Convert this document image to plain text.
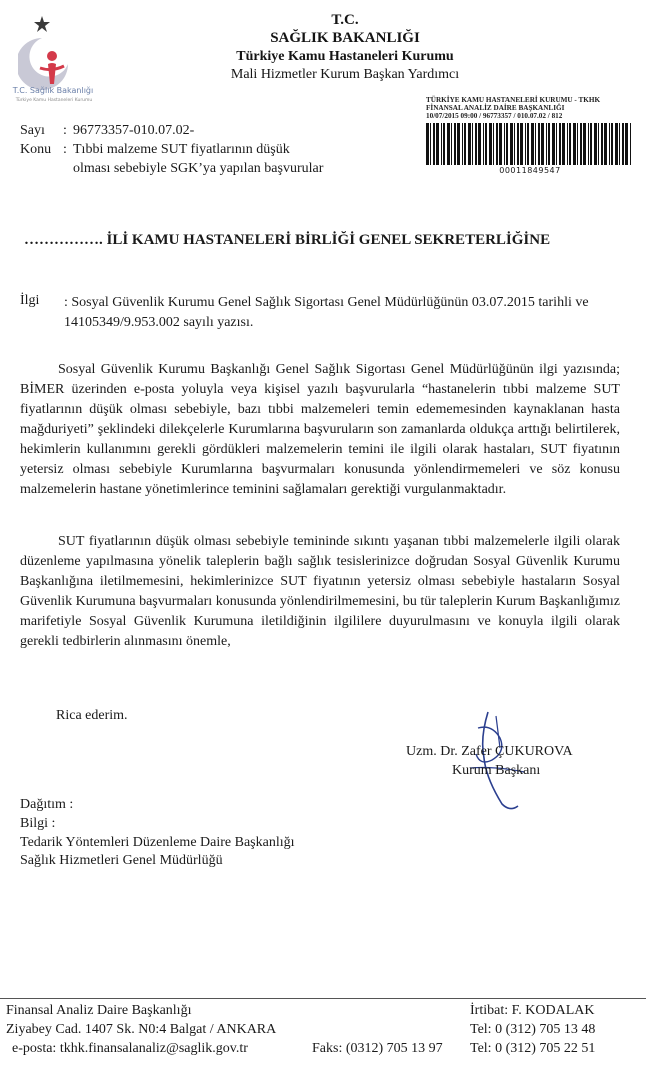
T.C. Sağlık Bakanlığı
Türkiye Kamu Hastaneleri Kurumu
T.C.
SAĞLIK BAKANLIĞI
Türkiye Kamu Hastaneleri Kurumu
Mali Hizmetler Kurum Başkan Yardımcı
Sayı : 96773357-010.07.02-
Konu : Tıbbi malzeme SUT fiyatlarının düşük
olması sebebiyle SGK’ya yapılan başvurular
TÜRKİYE KAMU HASTANELERİ KURUMU - TKHK
FİNANSAL ANALİZ DAİRE BAŞKANLIĞI
10/07/2015 09:00 / 96773357 / 010.07.02 / 812
00011849547
……………. İLİ KAMU HASTANELERİ BİRLİĞİ GENEL SEKRETERLİĞİNE
İlgi : Sosyal Güvenlik Kurumu Genel Sağlık Sigortası Genel Müdürlüğünün 03.07.2015 tarihli ve 14105349/9.953.002 sayılı yazısı.

Sosyal Güvenlik Kurumu Başkanlığı Genel Sağlık Sigortası Genel Müdürlüğünün ilgi yazısında; BİMER üzerinden e-posta yoluyla veya kişisel yazılı başvurularla “hastanelerin tıbbi malzeme SUT fiyatlarının düşük olması sebebiyle, bazı tıbbi malzemeleri temin edememesinden kaynaklanan hasta mağduriyeti” şeklindeki dilekçelerle Kurumlarına başvuruların son zamanlarda oldukça arttığı belirtilerek, hekimlerin kullanımını gerekli gördükleri malzemelerin temini ile ilgili olarak hastaları, SUT fiyatının yetersiz olması sebebiyle Kurumlarına başvurmaları konusunda yönlendirmemeleri ve söz konusu malzemelerin hastane yönetimlerince teminini sağlamaları gerektiği vurgulanmaktadır.

SUT fiyatlarının düşük olması sebebiyle temininde sıkıntı yaşanan tıbbi malzemelerle ilgili olarak düzenleme yapılmasına yönelik taleplerin bağlı sağlık tesislerinizce doğrudan Sosyal Güvenlik Kurumu Başkanlığına iletilmemesini, hekimlerinizce SUT fiyatının yetersiz olması sebebiyle hastaların Sosyal Güvenlik Kurumuna başvurmaları konusunda yönlendirilmemesini, bu tür taleplerin Kurum Başkanlığımız marifetiyle Sosyal Güvenlik Kurumuna iletildiğinin ilgililere duyurulmasını ve konuyla ilgili olarak gerekli tedbirlerin alınmasını önemle,

Rica ederim.
Uzm. Dr. Zafer ÇUKUROVA
Kurum Başkanı
Dağıtım :
Bilgi :
Tedarik Yöntemleri Düzenleme Daire Başkanlığı
Sağlık Hizmetleri Genel Müdürlüğü
Finansal Analiz Daire Başkanlığı
Ziyabey Cad. 1407 Sk. N0:4 Balgat / ANKARA
e-posta: tkhk.finansalanaliz@saglik.gov.tr	Faks: (0312) 705 13 97
İrtibat: F. KODALAK
Tel: 0 (312) 705 13 48
Tel: 0 (312) 705 22 51
